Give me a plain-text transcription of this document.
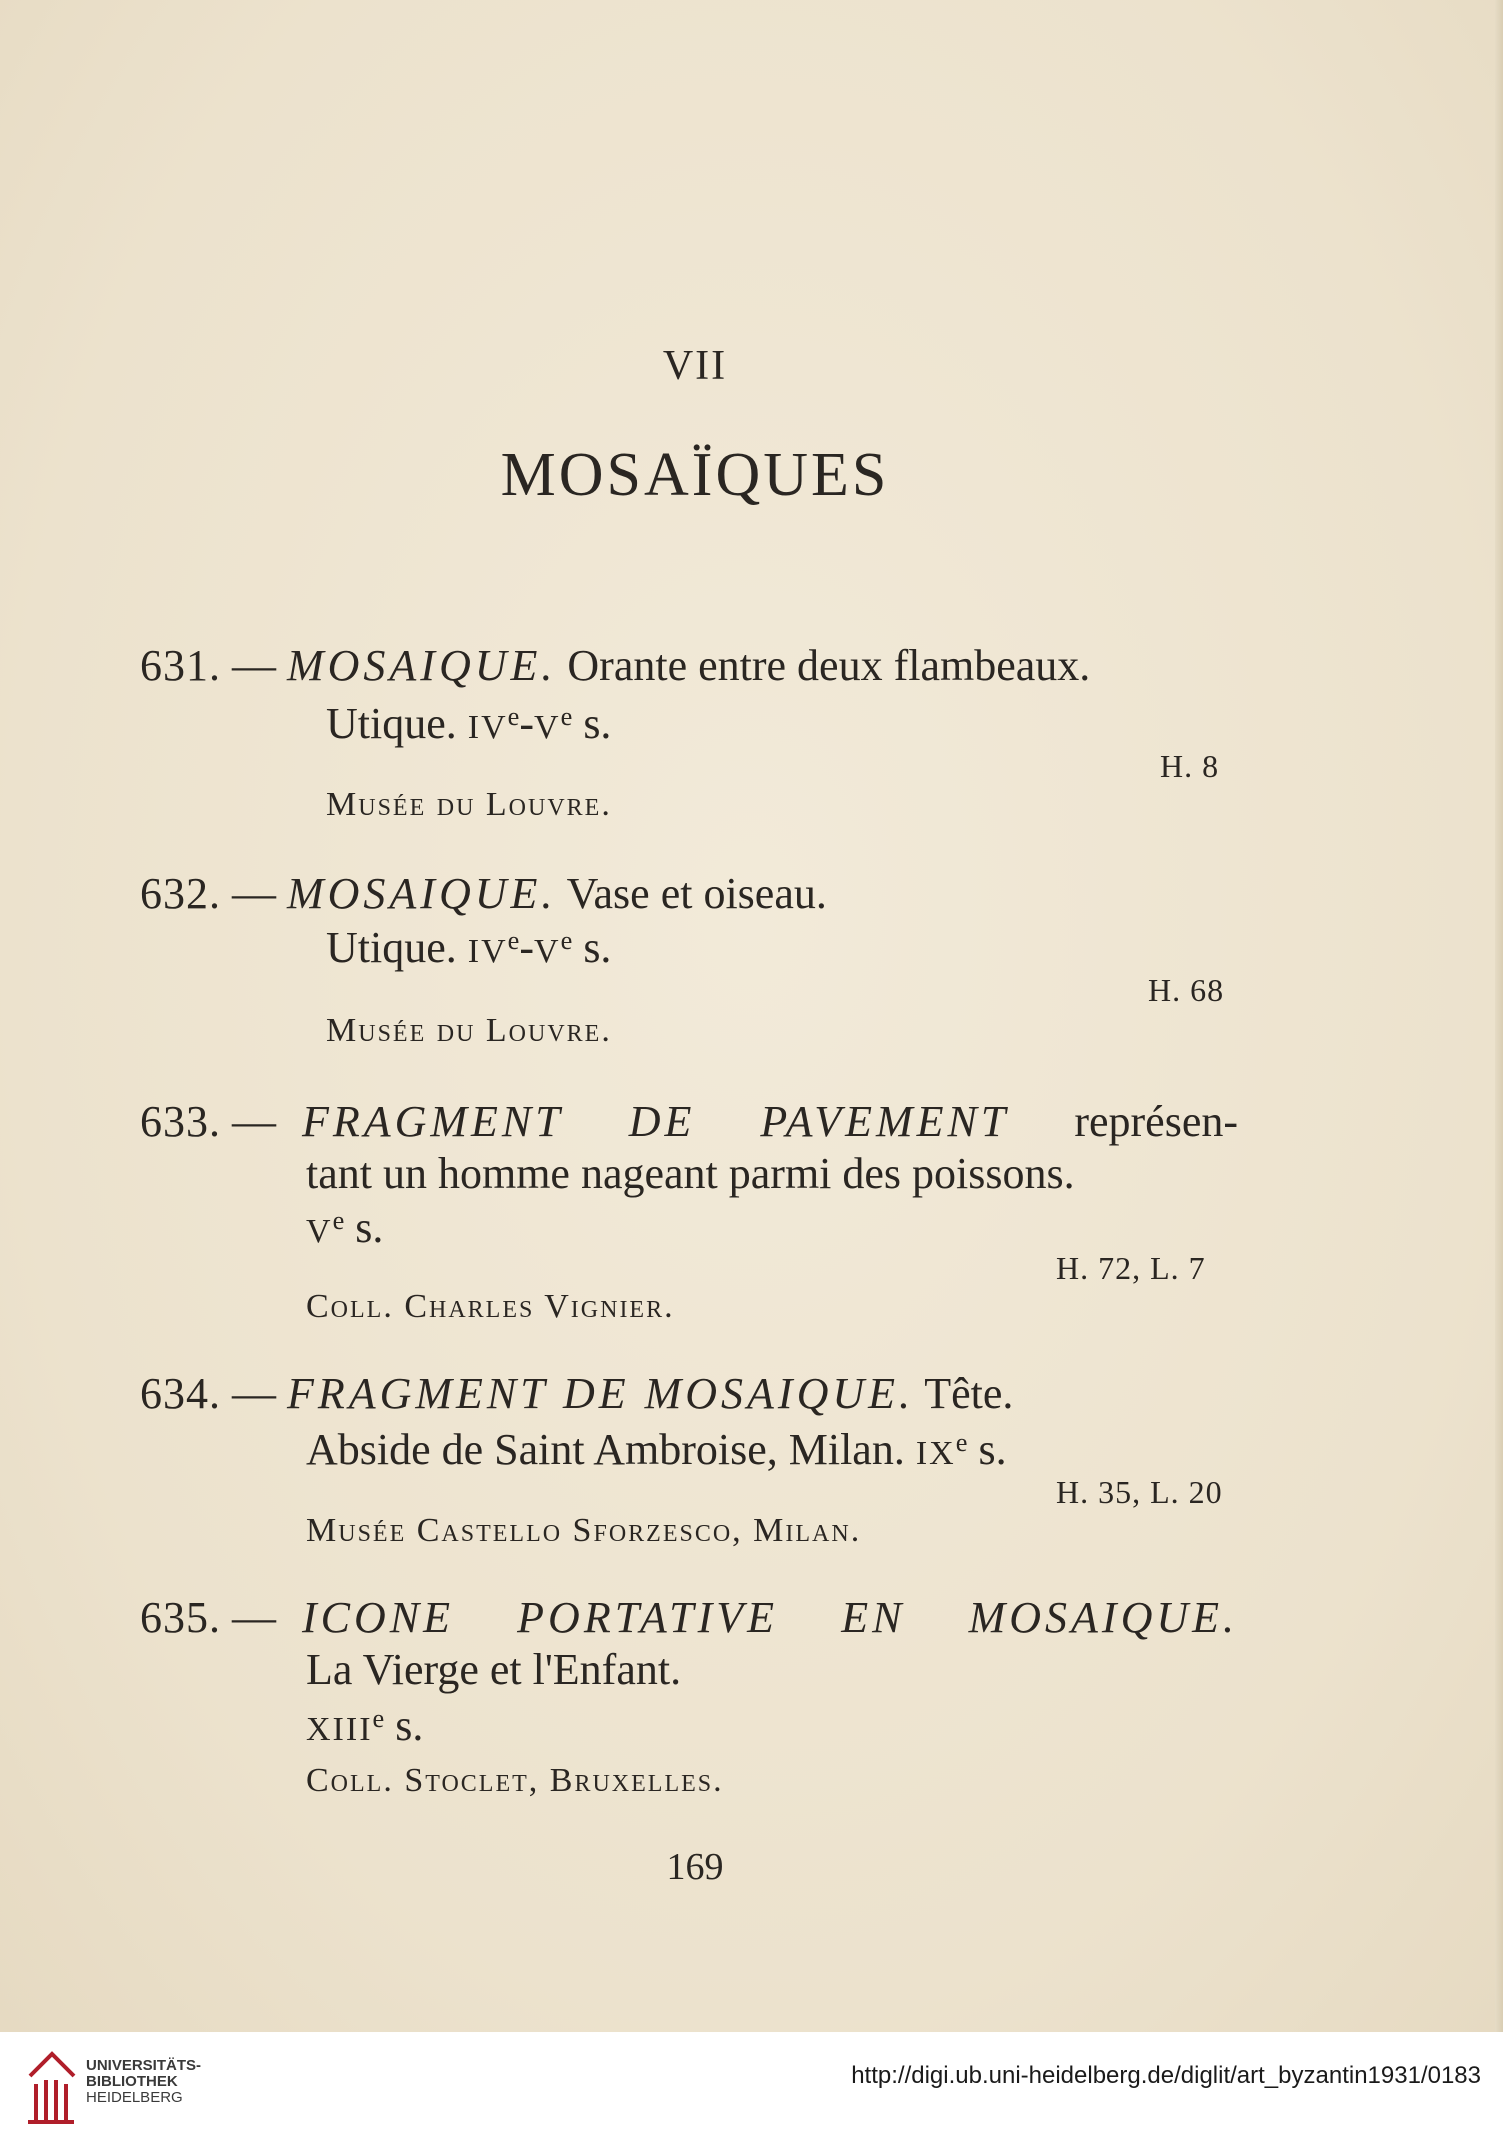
VII
MOSAÏQUES
631. — MOSAIQUE. Orante entre deux flambeaux.
Utique. IVe-Ve s.
H. 8
Musée du Louvre.
632. — MOSAIQUE. Vase et oiseau.
Utique. IVe-Ve s.
H. 68
Musée du Louvre.
633. — FRAGMENT DE PAVEMENT représen-
tant un homme nageant parmi des poissons.
Ve s.
H. 72, L. 7
Coll. Charles Vignier.
634. — FRAGMENT DE MOSAIQUE. Tête.
Abside de Saint Ambroise, Milan. IXe s.
H. 35, L. 20
Musée Castello Sforzesco, Milan.
635. — ICONE PORTATIVE EN MOSAIQUE.
La Vierge et l'Enfant.
XIIIe s.
Coll. Stoclet, Bruxelles.
169
UNIVERSITÄTS-
BIBLIOTHEK
HEIDELBERG
http://digi.ub.uni-heidelberg.de/diglit/art_byzantin1931/0183
